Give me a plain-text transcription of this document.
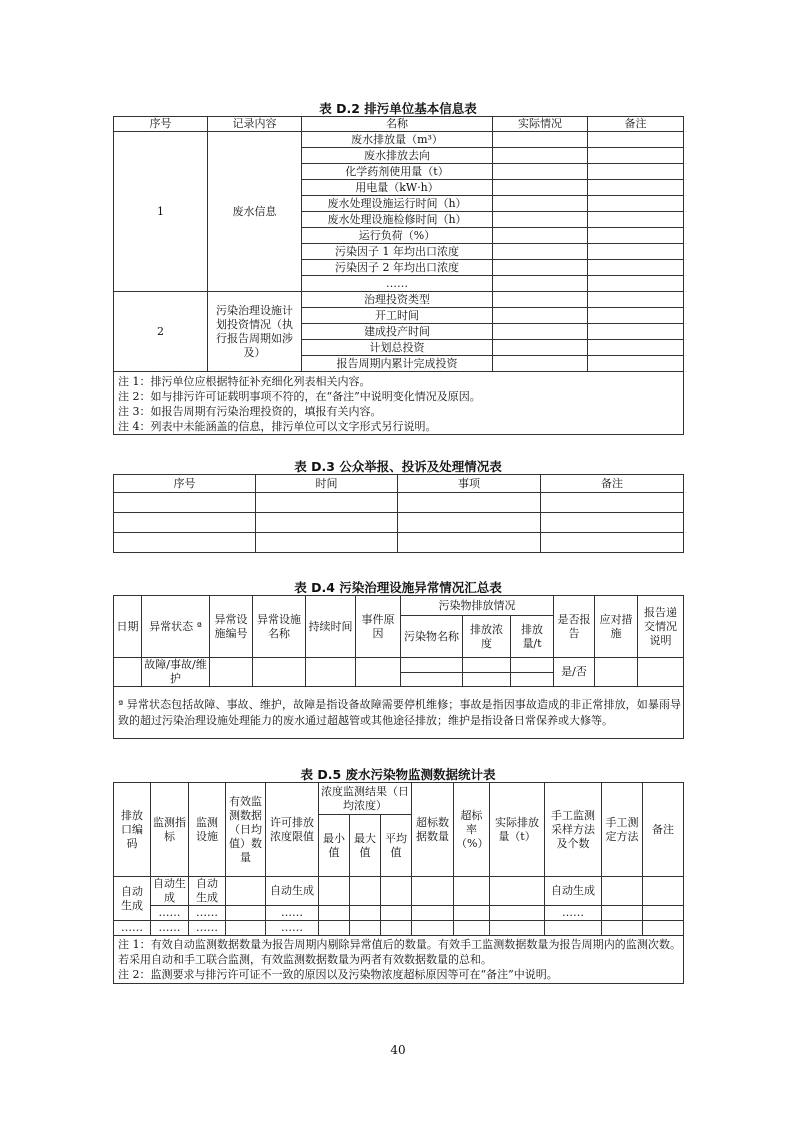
表 D.2 排污单位基本信息表
序号	记录内容	名称	实际情况	备注
1	废水信息	废水排放量（m³）		
		废水排放去向		
		化学药剂使用量（t）		
		用电量（kW·h）		
		废水处理设施运行时间（h）		
		废水处理设施检修时间（h）		
		运行负荷（%）		
		污染因子 1 年均出口浓度		
		污染因子 2 年均出口浓度		
		……		
2	污染治理设施计划投资情况（执行报告周期如涉及）	治理投资类型		
		开工时间		
		建成投产时间		
		计划总投资		
		报告周期内累计完成投资		

注 1：排污单位应根据特征补充细化列表相关内容。
注 2：如与排污许可证载明事项不符的，在“备注”中说明变化情况及原因。
注 3：如报告周期有污染治理投资的，填报有关内容。
注 4：列表中未能涵盖的信息，排污单位可以文字形式另行说明。				
表 D.3 公众举报、投诉及处理情况表
序号	时间	事项	备注

表 D.4 污染治理设施异常情况汇总表
日期	异常状态 ª	异常设施编号	异常设施名称	持续时间	事件原因	污染物排放情况			是否报告	应对措施	报告递交情况说明
						污染物名称	排放浓度	排放量/t			
	故障/事故/维护								是/否		

ª 异常状态包括故障、事故、维护，故障是指设备故障需要停机维修；事故是指因事故造成的非正常排放，如暴雨导致的超过污染治理设施处理能力的废水通过超越管或其他途径排放；维护是指设备日常保养或大修等。											
表 D.5 废水污染物监测数据统计表
排放口编码	监测指标	监测设施	有效监测数据（日均值）数量	许可排放浓度限值	浓度监测结果（日均浓度）			超标数据数量	超标率（%）	实际排放量（t）	手工监测采样方法及个数	手工测定方法	备注
					最小值	最大值	平均值						
自动生成	自动生成	自动生成		自动生成							自动生成		
	……	……		……							……		
……	……	……		……									

注 1：有效自动监测数据数量为报告周期内剔除异常值后的数量。有效手工监测数据数量为报告周期内的监测次数。若采用自动和手工联合监测，有效监测数据数量为两者有效数据数量的总和。
注 2：监测要求与排污许可证不一致的原因以及污染物浓度超标原因等可在“备注”中说明。													
40
